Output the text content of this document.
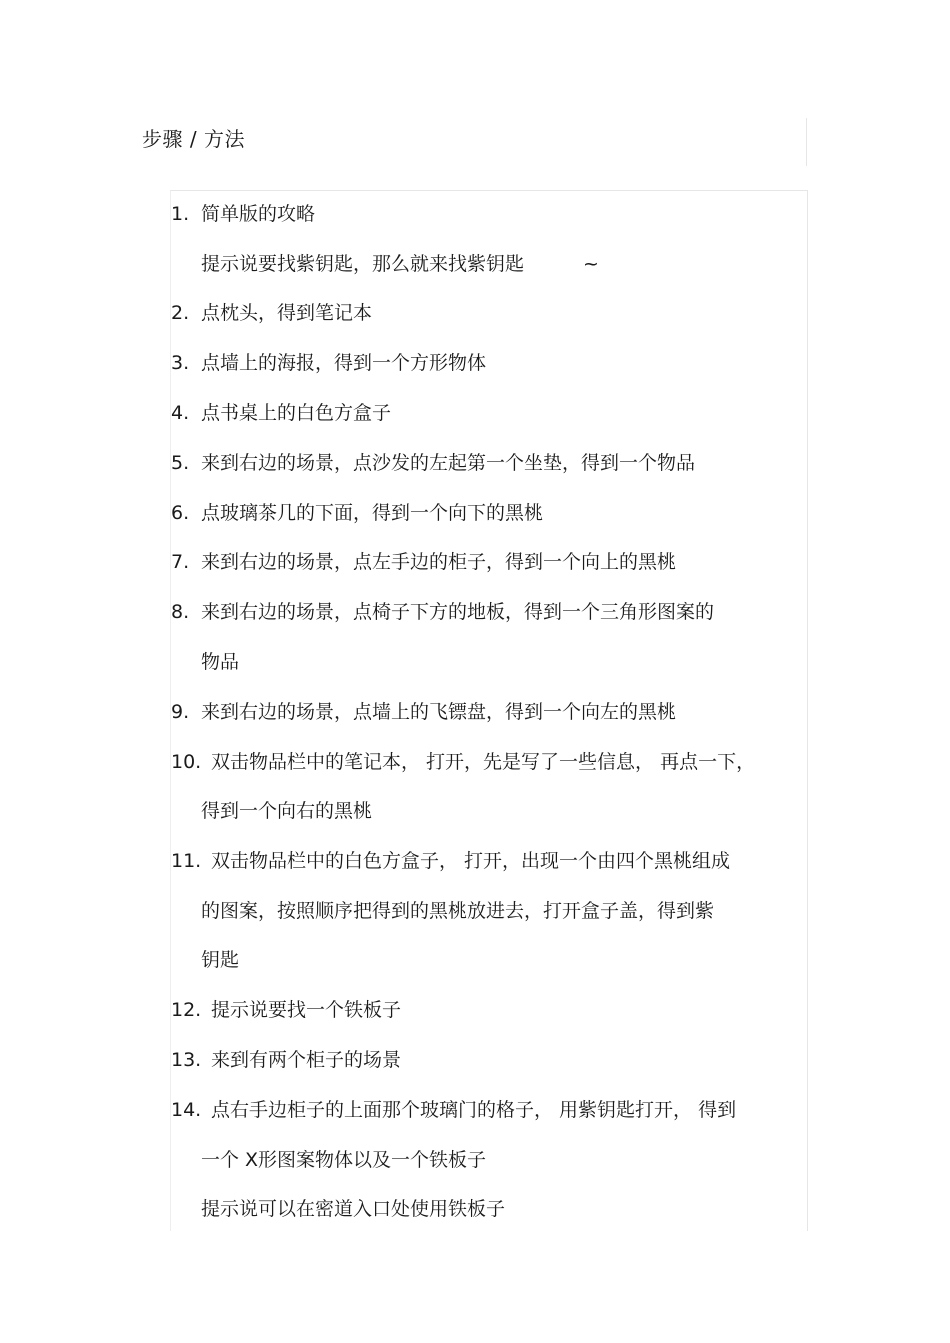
步骤 / 方法
1. 简单版的攻略
提示说要找紫钥匙，那么就来找紫钥匙	~
2. 点枕头，得到笔记本
3. 点墙上的海报，得到一个方形物体
4. 点书桌上的白色方盒子
5. 来到右边的场景，点沙发的左起第一个坐垫，得到一个物品
6. 点玻璃茶几的下面，得到一个向下的黑桃
7. 来到右边的场景，点左手边的柜子，得到一个向上的黑桃
8. 来到右边的场景，点椅子下方的地板，得到一个三角形图案的
物品
9. 来到右边的场景，点墙上的飞镖盘，得到一个向左的黑桃
10. 双击物品栏中的笔记本， 打开，先是写了一些信息， 再点一下，
得到一个向右的黑桃
11. 双击物品栏中的白色方盒子， 打开，出现一个由四个黑桃组成
的图案，按照顺序把得到的黑桃放进去，打开盒子盖，得到紫
钥匙
12. 提示说要找一个铁板子
13. 来到有两个柜子的场景
14. 点右手边柜子的上面那个玻璃门的格子， 用紫钥匙打开， 得到
一个 X形图案物体以及一个铁板子
提示说可以在密道入口处使用铁板子
